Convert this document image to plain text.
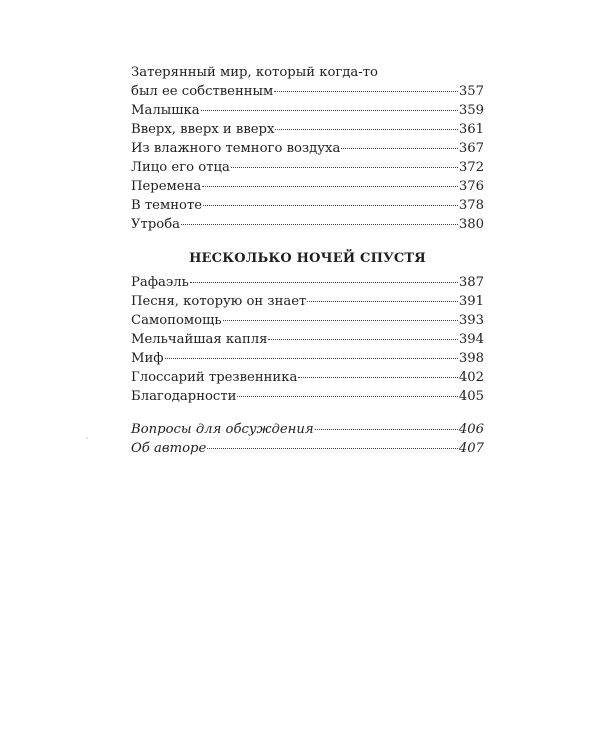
Затерянный мир, который когда-то
был ее собственным	357
Малышка	359
Вверх, вверх и вверх	361
Из влажного темного воздуха	367
Лицо его отца	372
Перемена	376
В темноте	378
Утроба	380
НЕСКОЛЬКО НОЧЕЙ СПУСТЯ
Рафаэль	387
Песня, которую он знает	391
Самопомощь	393
Мельчайшая капля	394
Миф	398
Глоссарий трезвенника	402
Благодарности	405
Вопросы для обсуждения	406
Об авторе	407
